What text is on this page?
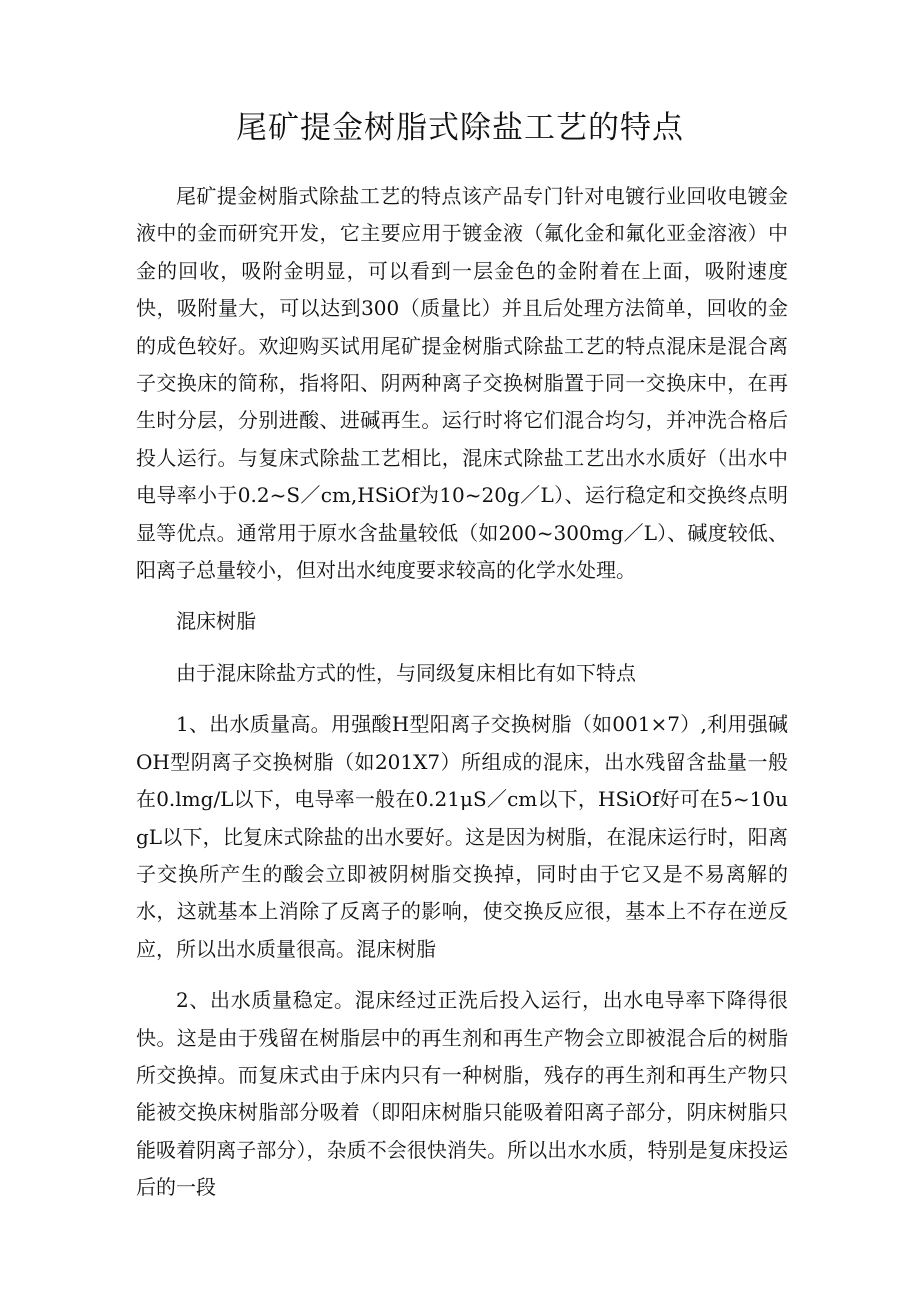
尾矿提金树脂式除盐工艺的特点

尾矿提金树脂式除盐工艺的特点该产品专门针对电镀行业回收电镀金液中的金而研究开发，它主要应用于镀金液（氟化金和氟化亚金溶液）中金的回收，吸附金明显，可以看到一层金色的金附着在上面，吸附速度快，吸附量大，可以达到300（质量比）并且后处理方法简单，回收的金的成色较好。欢迎购买试用尾矿提金树脂式除盐工艺的特点混床是混合离子交换床的简称，指将阳、阴两种离子交换树脂置于同一交换床中，在再生时分层，分别进酸、进碱再生。运行时将它们混合均匀，并冲洗合格后投人运行。与复床式除盐工艺相比，混床式除盐工艺出水水质好（出水中电导率小于0.2~S／cm,HSiOf为10~20g／L）、运行稳定和交换终点明显等优点。通常用于原水含盐量较低（如200~300mg／L）、碱度较低、阳离子总量较小，但对出水纯度要求较高的化学水处理。

混床树脂

由于混床除盐方式的性，与同级复床相比有如下特点

1、出水质量高。用强酸H型阳离子交换树脂（如001×7）,利用强碱OH型阴离子交换树脂（如201X7）所组成的混床，出水残留含盐量一般在0.lmg/L以下，电导率一般在0.21μS／cm以下，HSiOf好可在5~10ugL以下，比复床式除盐的出水要好。这是因为树脂，在混床运行时，阳离子交换所产生的酸会立即被阴树脂交换掉，同时由于它又是不易离解的水，这就基本上消除了反离子的影响，使交换反应很，基本上不存在逆反应，所以出水质量很高。混床树脂

2、出水质量稳定。混床经过正洗后投入运行，出水电导率下降得很快。这是由于残留在树脂层中的再生剂和再生产物会立即被混合后的树脂所交换掉。而复床式由于床内只有一种树脂，残存的再生剂和再生产物只能被交换床树脂部分吸着（即阳床树脂只能吸着阳离子部分，阴床树脂只能吸着阴离子部分），杂质不会很快消失。所以出水水质，特别是复床投运后的一段
